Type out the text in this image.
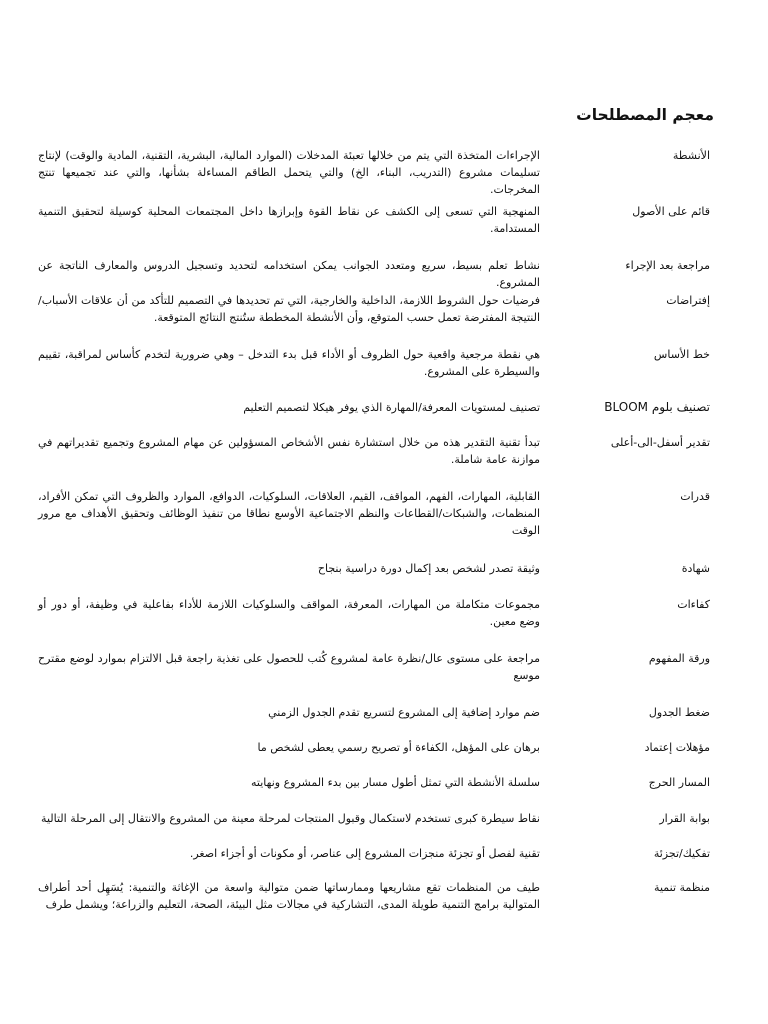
معجم المصطلحات
الأنشطة
الإجراءات المتخذة التي يتم من خلالها تعبئة المدخلات (الموارد المالية، البشرية، التقنية، المادية والوقت) لإنتاج تسليمات مشروع (التدريب، البناء، الخ) والتي يتحمل الطاقم المساءلة بشأنها، والتي عند تجميعها تنتج المخرجات.
قائم على الأصول
المنهجية التي تسعى إلى الكشف عن نقاط القوة وإبرازها داخل المجتمعات المحلية كوسيلة لتحقيق التنمية المستدامة.
مراجعة بعد الإجراء
نشاط تعلم بسيط، سريع ومتعدد الجوانب يمكن استخدامه لتحديد وتسجيل الدروس والمعارف الناتجة عن المشروع.
إفتراضات
فرضيات حول الشروط اللازمة، الداخلية والخارجية، التي تم تحديدها في التصميم للتأكد من أن علاقات الأسباب/النتيجة المفترضة تعمل حسب المتوقع، وأن الأنشطة المخططة ستُنتج النتائج المتوقعة.
خط الأساس
هي نقطة مرجعية واقعية حول الظروف أو الأداء قبل بدء التدخل – وهي ضرورية لتخدم كأساس لمراقبة، تقييم والسيطرة على المشروع.
تصنيف بلوم BLOOM
تصنيف لمستويات المعرفة/المهارة الذي يوفر هيكلا لتصميم التعليم
تقدير أسفل-الى-أعلى
تبدأ تقنية التقدير هذه من خلال استشارة نفس الأشخاص المسؤولين عن مهام المشروع وتجميع تقديراتهم في موازنة عامة شاملة.
قدرات
القابلية، المهارات، الفهم، المواقف، القيم، العلاقات، السلوكيات، الدوافع، الموارد والظروف التي تمكن الأفراد، المنظمات، والشبكات/القطاعات والنظم الاجتماعية الأوسع نطاقا من تنفيذ الوظائف وتحقيق الأهداف مع مرور الوقت
شهادة
وثيقة تصدر لشخص بعد إكمال دورة دراسية بنجاح
كفاءات
مجموعات متكاملة من المهارات، المعرفة، المواقف والسلوكيات اللازمة للأداء بفاعلية في وظيفة، أو دور أو وضع معين.
ورقة المفهوم
مراجعة على مستوى عال/نظرة عامة لمشروع كُتب للحصول على تغذية راجعة قبل الالتزام بموارد لوضع مقترح موسع
ضغط الجدول
ضم موارد إضافية إلى المشروع لتسريع تقدم الجدول الزمني
مؤهلات إعتماد
برهان على المؤهل، الكفاءة أو تصريح رسمي يعطى لشخص ما
المسار الحرج
سلسلة الأنشطة التي تمثل أطول مسار بين بدء المشروع ونهايته
بوابة القرار
نقاط سيطرة كبرى تستخدم لاستكمال وقبول المنتجات لمرحلة معينة من المشروع والانتقال إلى المرحلة التالية
تفكيك/تجزئة
تقنية لفصل أو تجزئة منجزات المشروع إلى عناصر، أو مكونات أو أجزاء اصغر.
منظمة تنمية
طيف من المنظمات تقع مشاريعها وممارساتها ضمن متوالية واسعة من الإغاثة والتنمية: يُسَهِل أحد أطراف المتوالية برامج التنمية طويلة المدى، التشاركية في مجالات مثل البيئة، الصحة، التعليم والزراعة؛ ويشمل طرف
